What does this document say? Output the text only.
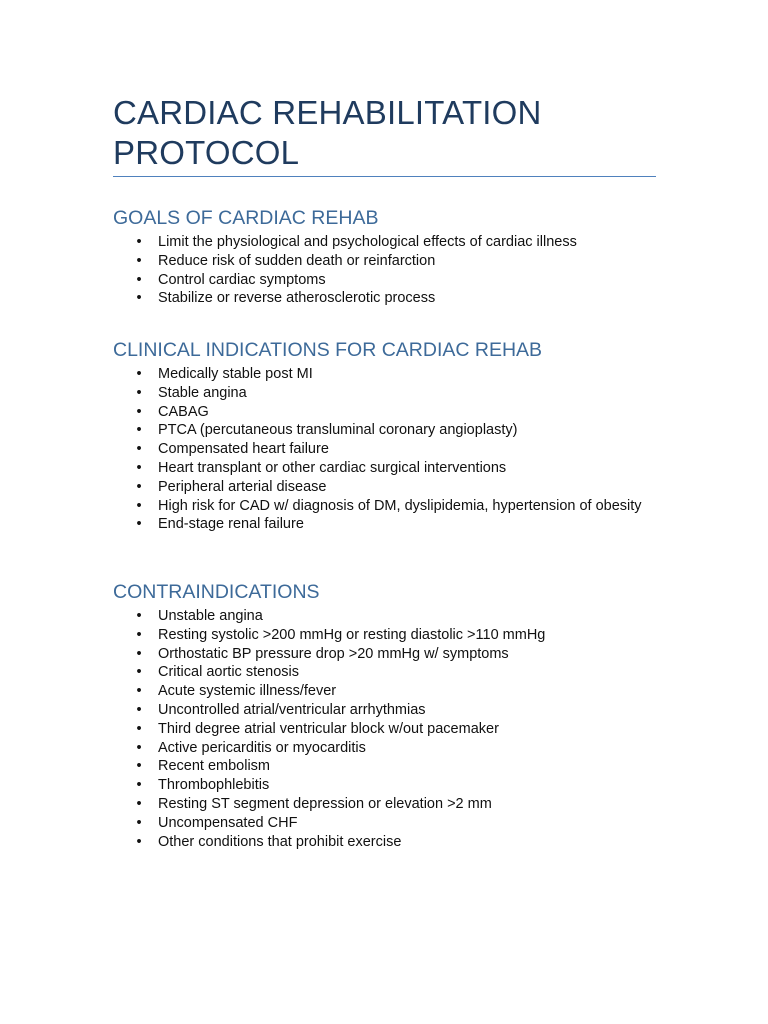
CARDIAC REHABILITATION PROTOCOL
GOALS OF CARDIAC REHAB
• Limit the physiological and psychological effects of cardiac illness
• Reduce risk of sudden death or reinfarction
• Control cardiac symptoms
• Stabilize or reverse atherosclerotic process
CLINICAL INDICATIONS FOR CARDIAC REHAB
• Medically stable post MI
• Stable angina
• CABAG
• PTCA (percutaneous transluminal coronary angioplasty)
• Compensated heart failure
• Heart transplant or other cardiac surgical interventions
• Peripheral arterial disease
• High risk for CAD w/ diagnosis of DM, dyslipidemia, hypertension of obesity
• End-stage renal failure
CONTRAINDICATIONS
• Unstable angina
• Resting systolic >200 mmHg or resting diastolic >110 mmHg
• Orthostatic BP pressure drop >20 mmHg w/ symptoms
• Critical aortic stenosis
• Acute systemic illness/fever
• Uncontrolled atrial/ventricular arrhythmias
• Third degree atrial ventricular block w/out pacemaker
• Active pericarditis or myocarditis
• Recent embolism
• Thrombophlebitis
• Resting ST segment depression or elevation >2 mm
• Uncompensated CHF
• Other conditions that prohibit exercise
